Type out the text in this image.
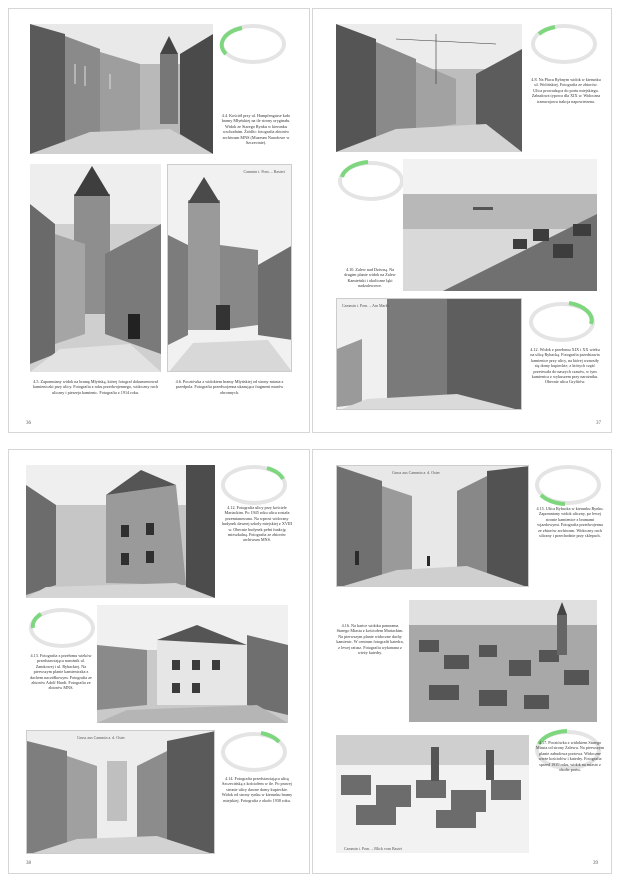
4.4. Kościół przy ul. Hampfengasse koło bramy Młyńskiej na tle strony oryginału. Widok ze Starego Rynku w kierunku wschodnim. Źródło: fotografia zbiorów archiwum MNS (Muzeum Narodowe w Szczecinie).
Cammin i. Pom. – Basteri
4.5. Zapomniany widok na bramę Młyńską, której fotograf dokumentował kamieniczki przy ulicy. Fotografia z roku przedwojennego, widoczny ruch uliczny i pierzeja kamienic. Fotografia z 1914 roku.
4.6. Pocztówka z widokiem bramy Młyńskiej od strony miasta z przedpola. Fotografia przedwojenna ukazująca fragment murów obronnych.
36
4.8. Na Placu Rybnym widok w kierunku ul. Wolińskiej. Fotografia ze zbiorów. Ulica prowadząca do portu miejskiego. Zabudowa typowa dla XIX w. Widoczna tramwajowa trakcja napowietrzna.
4.10. Zalew nad Dziwną. Na drugim planie widok na Zalew Kamieński i okoliczne łąki nadzalewowe.
Cammin i. Pom. – Am Markt
4.12. Widok z przełomu XIX i XX wieku na ulicę Rybacką. Fotografia przedstawia kamienice przy ulicy, na której wznosiły się domy kupieckie, z których część przetrwała do naszych czasów, w tym kamienica z wykuszem przy narożniku. Obecnie ulica Gryfitów.
37
4.12. Fotografia ulicy przy kościele Mariackim. Po 1945 roku ulica została przemianowana. Na wprost widoczny budynek dawnej szkoły miejskiej z XVIII w. Obecnie budynek pełni funkcję mieszkalną. Fotografia ze zbiorów archiwum MNS.
4.13. Fotografia z przełomu wieków przedstawiająca narożnik ul. Zamkowej i ul. Rybackiej. Na pierwszym planie kamieniczka z dachem naczółkowym. Fotografia ze zbiorów Adolf Hardt. Fotografia ze zbiorów MNS.
Gruss aus Cammin a. d. Oster
4.14. Fotografia przedstawiająca ulicę Szczecińską z kościołem w tle. Po prawej stronie ulicy dawne domy kupieckie. Widok od strony rynku w kierunku bramy miejskiej. Fotografia z około 1930 roku.
38
Gruss aus Cammin a. d. Oster
4.15. Ulica Rybacka w kierunku Rynku. Zapomniany widok uliczny, po lewej stronie kamienice z bramami wjazdowymi. Fotografia przedwojenna ze zbiorów archiwum. Widoczny ruch uliczny i przechodnie przy sklepach.
4.16. Na kartce widoku panorama Starego Miasta z kościołem Mariackim. Na pierwszym planie widoczne dachy kamienic. W centrum fotografii katedra, z lewej ratusz. Fotografia wykonana z wieży katedry.
Cammin i. Pom. – Blick vom Bastei
4.17. Pocztówka z widokiem Starego Miasta od strony Zalewu. Na pierwszym planie zabudowa portowa. Widoczne wieże kościołów i katedry. Fotografia sprzed 1939 roku, widok na miasto z okolic portu.
39
